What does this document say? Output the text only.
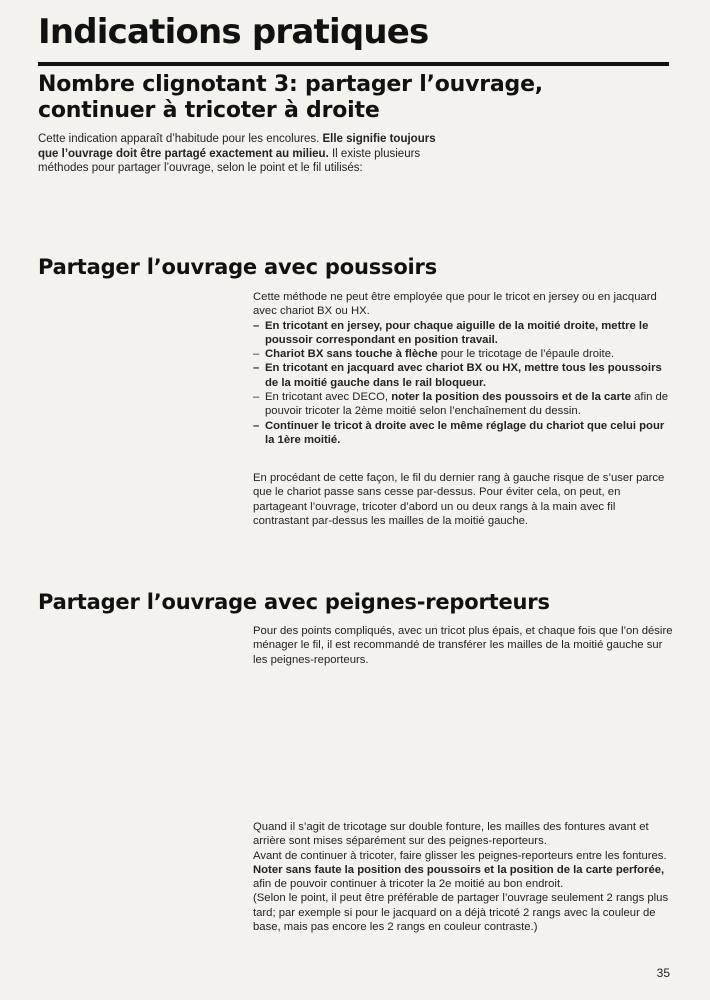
Indications pratiques
Nombre clignotant 3: partager l’ouvrage,
continuer à tricoter à droite

Cette indication apparaît d’habitude pour les encolures. Elle signifie toujours que l’ouvrage doit être partagé exactement au milieu. Il existe plusieurs méthodes pour partager l’ouvrage, selon le point et le fil utilisés:

Partager l’ouvrage avec poussoirs

Cette méthode ne peut être employée que pour le tricot en jersey ou en jacquard avec chariot BX ou HX.

– En tricotant en jersey, pour chaque aiguille de la moitié droite, mettre le poussoir correspondant en position travail.
– Chariot BX sans touche à flèche pour le tricotage de l’épaule droite.
– En tricotant en jacquard avec chariot BX ou HX, mettre tous les poussoirs de la moitié gauche dans le rail bloqueur.
– En tricotant avec DECO, noter la position des poussoirs et de la carte afin de pouvoir tricoter la 2ème moitié selon l’enchaînement du dessin.
– Continuer le tricot à droite avec le même réglage du chariot que celui pour la 1ère moitié.

En procédant de cette façon, le fil du dernier rang à gauche risque de s’user parce que le chariot passe sans cesse par-dessus. Pour éviter cela, on peut, en partageant l’ouvrage, tricoter d’abord un ou deux rangs à la main avec fil contrastant par-dessus les mailles de la moitié gauche.

Partager l’ouvrage avec peignes-reporteurs

Pour des points compliqués, avec un tricot plus épais, et chaque fois que l’on désire ménager le fil, il est recommandé de transférer les mailles de la moitié gauche sur les peignes-reporteurs.

Quand il s’agit de tricotage sur double fonture, les mailles des fontures avant et arrière sont mises séparément sur des peignes-reporteurs.

Avant de continuer à tricoter, faire glisser les peignes-reporteurs entre les fontures.

Noter sans faute la position des poussoirs et la position de la carte perforée, afin de pouvoir continuer à tricoter la 2e moitié au bon endroit.

(Selon le point, il peut être préférable de partager l’ouvrage seulement 2 rangs plus tard; par exemple si pour le jacquard on a déjà tricoté 2 rangs avec la couleur de base, mais pas encore les 2 rangs en couleur contraste.)

35
